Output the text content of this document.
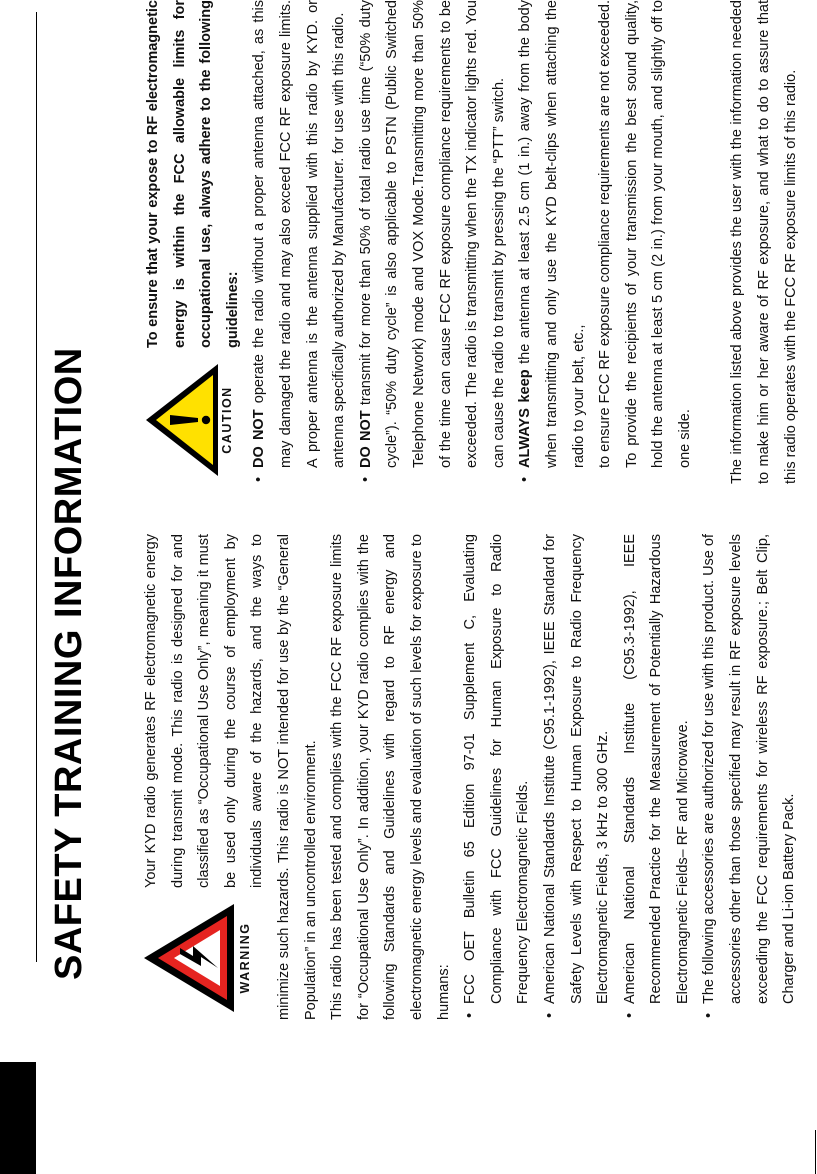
SAFETY TRAINING INFORMATION	WARNING

Your KYD radio generates RF electromagnetic energy during transmit mode. This radio is designed for and classified as “Occupational Use Only”, meaning it must be used only during the course of employment by individuals aware of the hazards, and the ways to minimize such hazards. This radio is NOT intended for use by the “General Population” in an uncontrolled environment. This radio has been tested and complies with the FCC RF exposure limits for “Occupational Use Only”. In addition, your KYD radio complies with the following Standards and Guidelines with regard to RF energy and electromagnetic energy levels and evaluation of such levels for exposure to humans: • FCC OET Bulletin 65 Edition 97-01 Supplement C, Evaluating Compliance with FCC Guidelines for Human Exposure to Radio Frequency Electromagnetic Fields. • American National Standards Institute (C95.1-1992), IEEE Standard for Safety Levels with Respect to Human Exposure to Radio Frequency Electromagnetic Fields, 3 kHz to 300 GHz. • American National Standards Institute (C95.3-1992), IEEE Recommended Practice for the Measurement of Potentially Hazardous Electromagnetic Fields– RF and Microwave. • The following accessories are authorized for use with this product. Use of accessories other than those specified may result in RF exposure levels exceeding the FCC requirements for wireless RF exposure.; Belt Clip, Charger and Li-ion Battery Pack.
CAUTION

To ensure that your expose to RF electromagnetic energy is within the FCC allowable limits for occupational use, always adhere to the following guidelines:

• DO NOT operate the radio without a proper antenna attached, as this may damaged the radio and may also exceed FCC RF exposure limits. A proper antenna is the antenna supplied with this radio by KYD. or antenna specifically authorized by Manufacturer. for use with this radio. • DO NOT transmit for more than 50% of total radio use time (“50% duty cycle”). “50% duty cycle” is also applicable to PSTN (Public Switched Telephone Network) mode and VOX Mode.Transmitting more than 50% of the time can cause FCC RF exposure compliance requirements to be exceeded. The radio is transmitting when the TX indicator lights red. You can cause the radio to transmit by pressing the “PTT” switch. • ALWAYS keep the antenna at least 2.5 cm (1 in.) away from the body when transmitting and only use the KYD belt-clips when attaching the radio to your belt, etc., to ensure FCC RF exposure compliance requirements are not exceeded. To provide the recipients of your transmission the best sound quality, hold the antenna at least 5 cm (2 in.) from your mouth, and slightly off to one side.	The information listed above provides the user with the information needed to make him or her aware of RF exposure, and what to do to assure that this radio operates with the FCC RF exposure limits of this radio.
